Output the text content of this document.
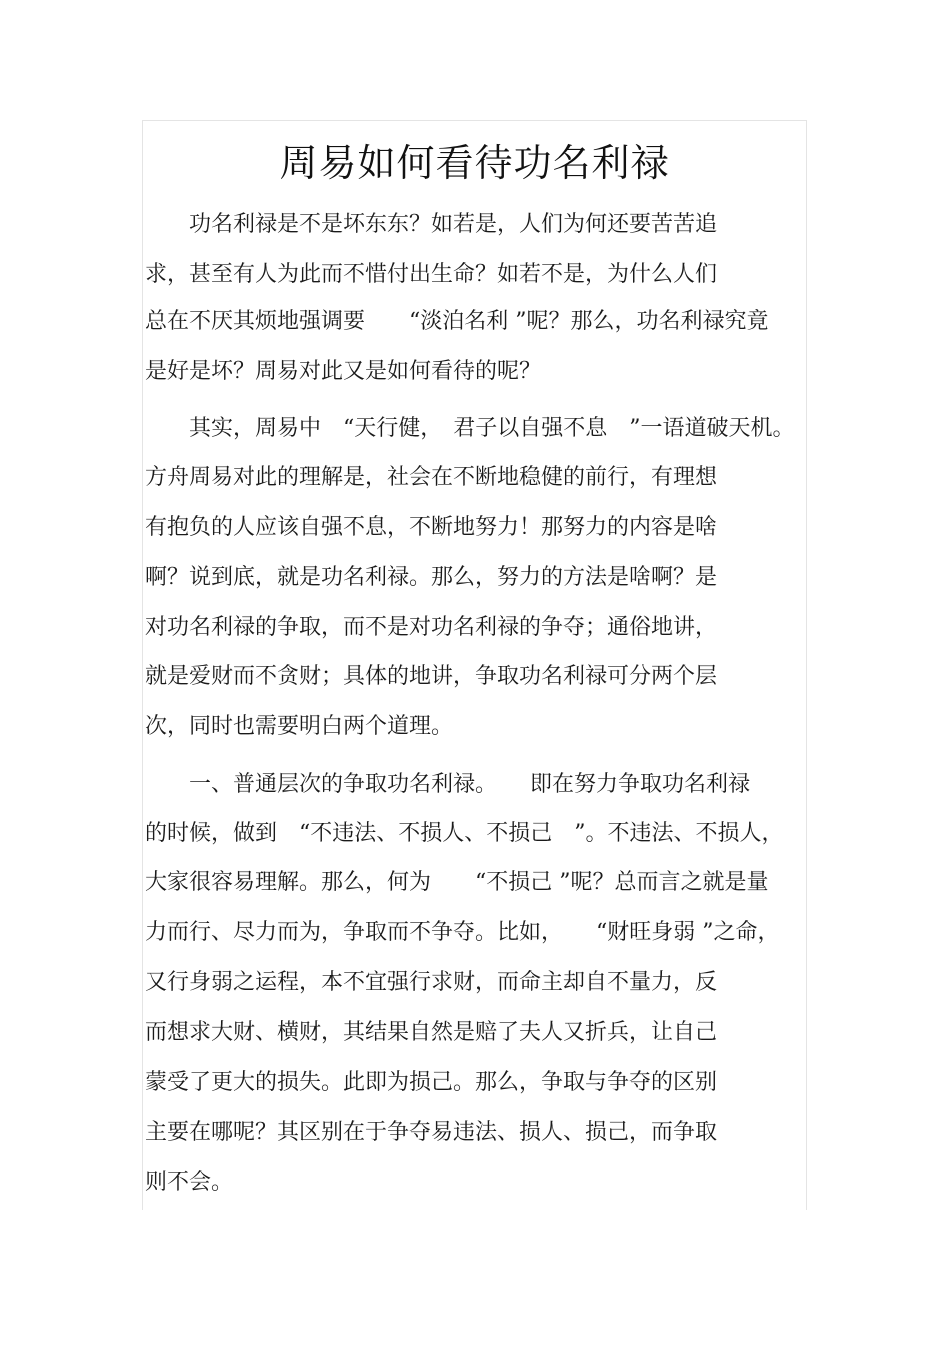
周易如何看待功名利禄
　　功名利禄是不是坏东东？如若是，人们为何还要苦苦追
求，甚至有人为此而不惜付出生命？如若不是，为什么人们
总在不厌其烦地强调要　　“淡泊名利 ”呢？那么，功名利禄究竟
是好是坏？周易对此又是如何看待的呢？
　　其实，周易中　“天行健，　君子以自强不息　”一语道破天机。
方舟周易对此的理解是，社会在不断地稳健的前行，有理想
有抱负的人应该自强不息，不断地努力！那努力的内容是啥
啊？说到底，就是功名利禄。那么，努力的方法是啥啊？是
对功名利禄的争取，而不是对功名利禄的争夺；通俗地讲，
就是爱财而不贪财；具体的地讲，争取功名利禄可分两个层
次，同时也需要明白两个道理。
　　一、普通层次的争取功名利禄。　　即在努力争取功名利禄
的时候，做到　“不违法、不损人、不损己　”。不违法、不损人，
大家很容易理解。那么，何为　　“不损己 ”呢？总而言之就是量
力而行、尽力而为，争取而不争夺。比如，　　“财旺身弱 ”之命，
又行身弱之运程，本不宜强行求财，而命主却自不量力，反
而想求大财、横财，其结果自然是赔了夫人又折兵，让自己
蒙受了更大的损失。此即为损己。那么，争取与争夺的区别
主要在哪呢？其区别在于争夺易违法、损人、损己，而争取
则不会。
